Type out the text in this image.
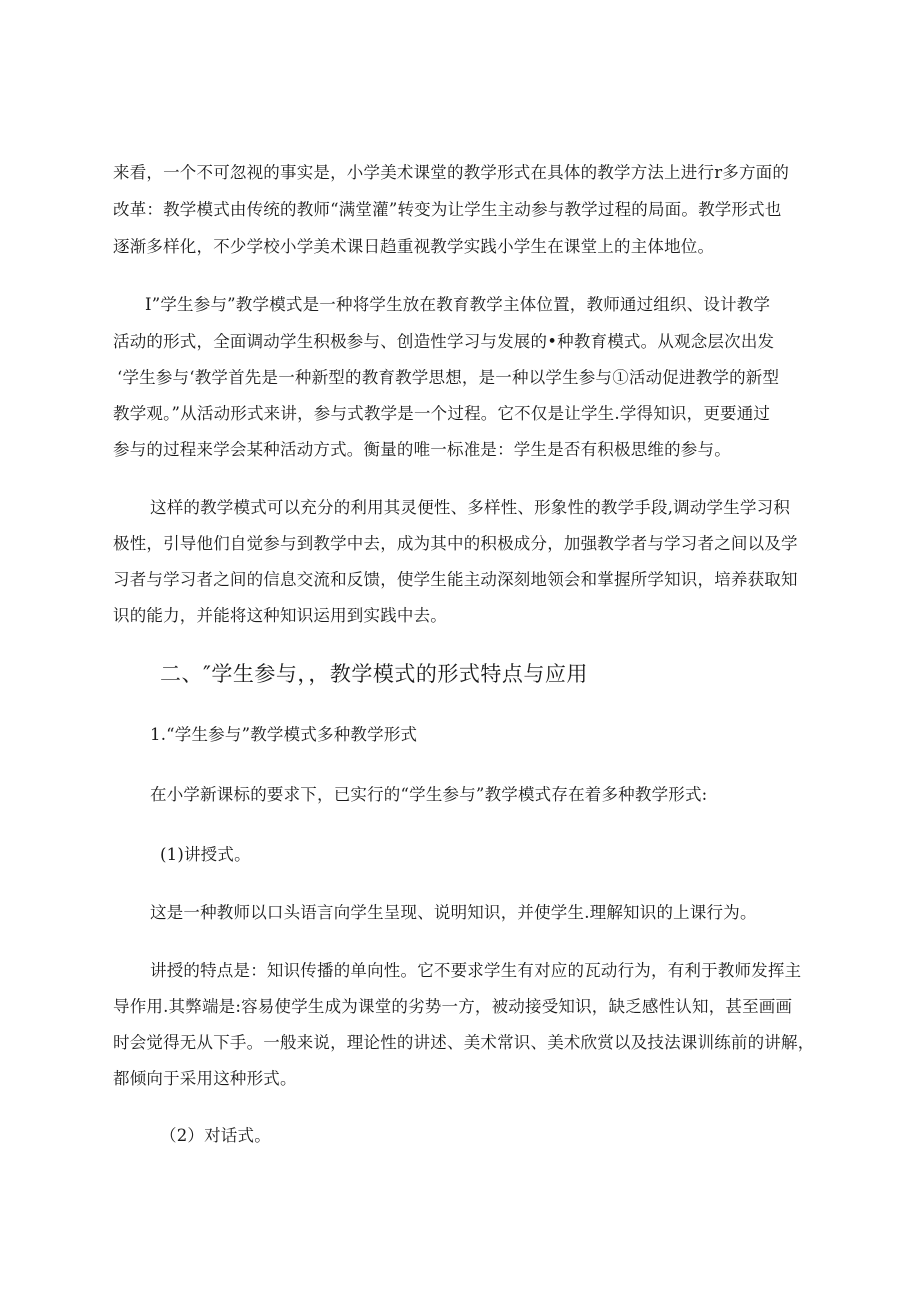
来看，一个不可忽视的事实是，小学美术课堂的教学形式在具体的教学方法上进行r多方面的
改革：教学模式由传统的教师“满堂灌”转变为让学生主动参与教学过程的局面。教学形式也
逐渐多样化，不少学校小学美术课日趋重视教学实践小学生在课堂上的主体地位。
I”学生参与”教学模式是一种将学生放在教育教学主体位置，教师通过组织、设计教学
活动的形式，全面调动学生积极参与、创造性学习与发展的•种教育模式。从观念层次出发
‘学生参与‘教学首先是一种新型的教育教学思想，是一种以学生参与①活动促进教学的新型
教学观。”从活动形式来讲，参与式教学是一个过程。它不仅是让学生.学得知识，更要通过
参与的过程来学会某种活动方式。衡量的唯一标准是：学生是否有积极思维的参与。
这样的教学模式可以充分的利用其灵便性、多样性、形象性的教学手段,调动学生学习积
极性，引导他们自觉参与到教学中去，成为其中的积极成分，加强教学者与学习者之间以及学
习者与学习者之间的信息交流和反馈，使学生能主动深刻地领会和掌握所学知识，培养获取知
识的能力，并能将这种知识运用到实践中去。
二、″学生参与，，教学模式的形式特点与应用
1.“学生参与”教学模式多种教学形式
在小学新课标的要求下，已实行的“学生参与”教学模式存在着多种教学形式:
(1)讲授式。
这是一种教师以口头语言向学生呈现、说明知识，并使学生.理解知识的上课行为。
讲授的特点是：知识传播的单向性。它不要求学生有对应的瓦动行为，有利于教师发挥主
导作用.其弊端是:容易使学生成为课堂的劣势一方，被动接受知识，缺乏感性认知，甚至画画
时会觉得无从下手。一般来说，理论性的讲述、美术常识、美术欣赏以及技法课训练前的讲解，
都倾向于采用这种形式。
（2）对话式。
